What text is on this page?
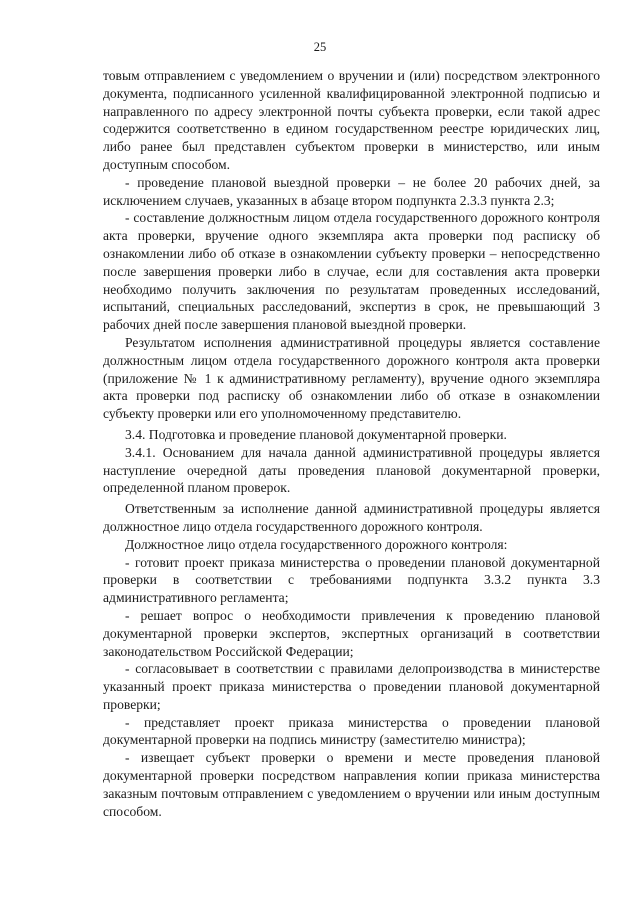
25

товым отправлением с уведомлением о вручении и (или) посредством электронного документа, подписанного усиленной квалифицированной электронной подписью и направленного по адресу электронной почты субъекта проверки, если такой адрес содержится соответственно в едином государственном реестре юридических лиц, либо ранее был представлен субъектом проверки в министерство, или иным доступным способом.

- проведение плановой выездной проверки – не более 20 рабочих дней, за исключением случаев, указанных в абзаце втором подпункта 2.3.3 пункта 2.3;

- составление должностным лицом отдела государственного дорожного контроля акта проверки, вручение одного экземпляра акта проверки под расписку об ознакомлении либо об отказе в ознакомлении субъекту проверки – непосредственно после завершения проверки либо в случае, если для составления акта проверки необходимо получить заключения по результатам проведенных исследований, испытаний, специальных расследований, экспертиз в срок, не превышающий 3 рабочих дней после завершения плановой выездной проверки.

Результатом исполнения административной процедуры является составление должностным лицом отдела государственного дорожного контроля акта проверки (приложение № 1 к административному регламенту), вручение одного экземпляра акта проверки под расписку об ознакомлении либо об отказе в ознакомлении субъекту проверки или его уполномоченному представителю.

3.4. Подготовка и проведение плановой документарной проверки.

3.4.1. Основанием для начала данной административной процедуры является наступление очередной даты проведения плановой документарной проверки, определенной планом проверок.

Ответственным за исполнение данной административной процедуры является должностное лицо отдела государственного дорожного контроля.

Должностное лицо отдела государственного дорожного контроля:

- готовит проект приказа министерства о проведении плановой документарной проверки в соответствии с требованиями подпункта 3.3.2 пункта 3.3 административного регламента;

- решает вопрос о необходимости привлечения к проведению плановой документарной проверки экспертов, экспертных организаций в соответствии законодательством Российской Федерации;

- согласовывает в соответствии с правилами делопроизводства в министерстве указанный проект приказа министерства о проведении плановой документарной проверки;

- представляет проект приказа министерства о проведении плановой документарной проверки на подпись министру (заместителю министра);

- извещает субъект проверки о времени и месте проведения плановой документарной проверки посредством направления копии приказа министерства заказным почтовым отправлением с уведомлением о вручении или иным доступным способом.
